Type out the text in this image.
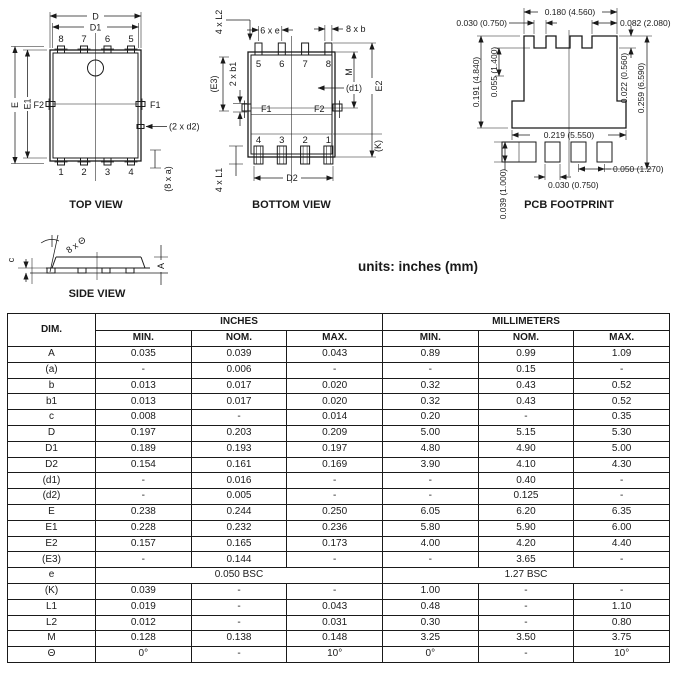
D
D1
E E1
8 7 6 5
1 2 3 4
F2	F1
(2 x d2)
(8 x a)
TOP VIEW
5 6 7 8
4 3 2 1
F1	F2
6 x e	8 x b
4 x L2
(E3) 2 x b1	M
E2
(d1)
(K)
D2
4 x L1
BOTTOM VIEW
0.180 (4.560)
0.030 (0.750)	0.082 (2.080)
0.191 (4.840) 0.055 (1.400)	0.022 (0.560) 0.259 (6.590)
0.219 (5.550)
0.050 (1.270)
0.030 (0.750)
0.039 (1.000) PCB FOOTPRINT
8 x Θ
c
A
SIDE VIEW
units: inches (mm)
DIM.	INCHES			MILLIMETERS		
	MIN.	NOM.	MAX.	MIN.	NOM.	MAX.
A	0.035	0.039	0.043	0.89	0.99	1.09
(a)	-	0.006	-	-	0.15	-
b	0.013	0.017	0.020	0.32	0.43	0.52
b1	0.013	0.017	0.020	0.32	0.43	0.52
c	0.008	-	0.014	0.20	-	0.35
D	0.197	0.203	0.209	5.00	5.15	5.30
D1	0.189	0.193	0.197	4.80	4.90	5.00
D2	0.154	0.161	0.169	3.90	4.10	4.30
(d1)	-	0.016	-	-	0.40	-
(d2)	-	0.005	-	-	0.125	-
E	0.238	0.244	0.250	6.05	6.20	6.35
E1	0.228	0.232	0.236	5.80	5.90	6.00
E2	0.157	0.165	0.173	4.00	4.20	4.40
(E3)	-	0.144	-	-	3.65	-
e	0.050 BSC			1.27 BSC		
(K)	0.039	-	-	1.00	-	-
L1	0.019	-	0.043	0.48	-	1.10
L2	0.012	-	0.031	0.30	-	0.80
M	0.128	0.138	0.148	3.25	3.50	3.75
Θ	0°	-	10°	0°	-	10°
